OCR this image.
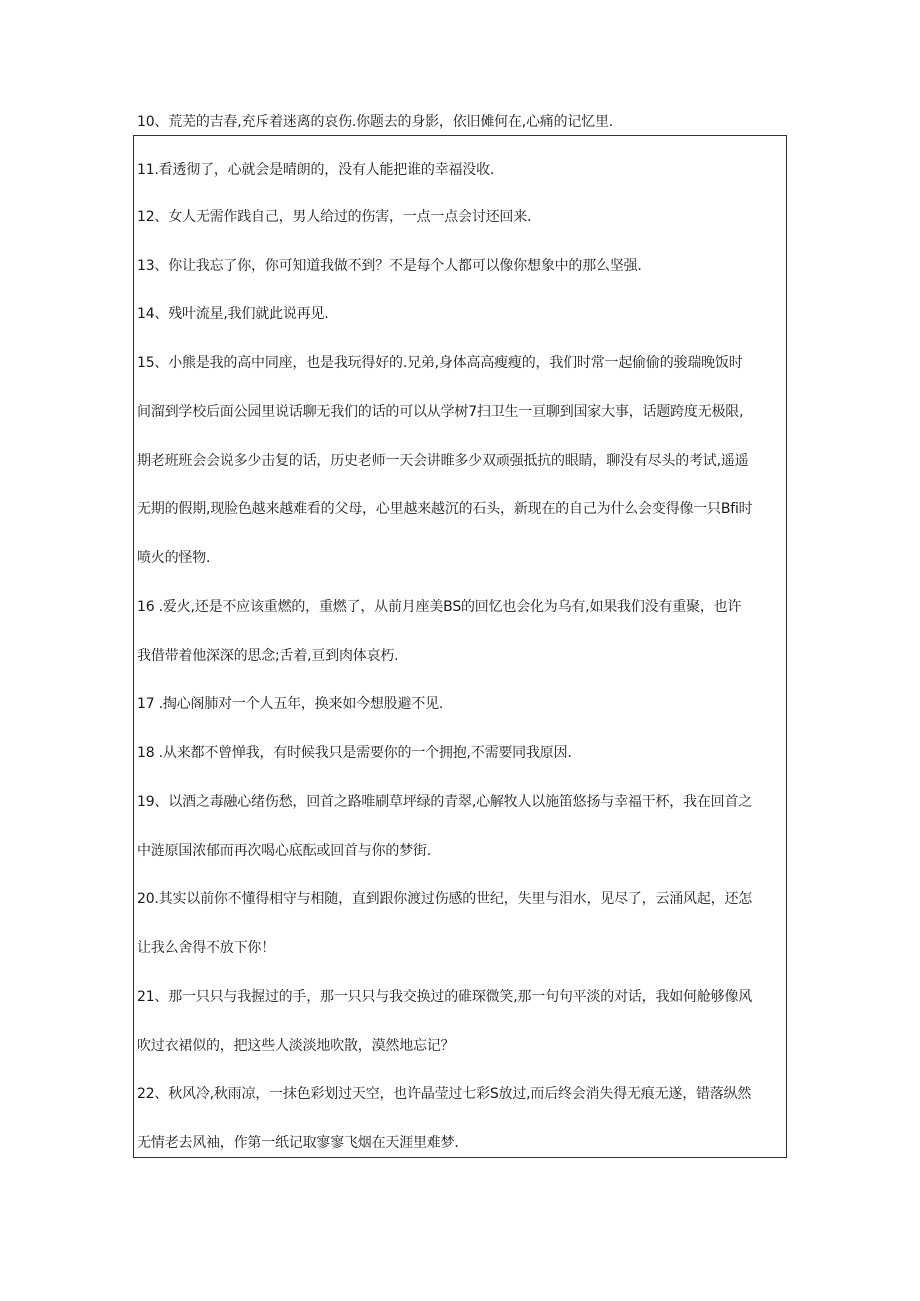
10、荒芜的吉春,充斥着迷离的哀伤.你题去的身影，依旧傩何在,心痛的记忆里.
11.看透彻了，心就会是晴朗的，没有人能把谁的幸福没收.
12、女人无需作践自己，男人给过的伤害，一点一点会讨还回来.
13、你让我忘了你，你可知道我做不到？不是每个人都可以像你想象中的那么坚强.
14、残叶流星,我们就此说再见.
15、小熊是我的高中同座，也是我玩得好的.兄弟,身体高高瘦瘦的，我们时常一起偷偷的骏瑞晚饭时
间溜到学校后面公园里说话聊无我们的话的可以从学树7扫卫生一亘聊到国家大事，话题跨度无极限,
期老班班会会说多少击复的话，历史老师一天会讲睢多少双顽强抵抗的眼睛，聊没有尽头的考试,遥遥
无期的假期,现脸色越来越难看的父母，心里越来越沉的石头，新现在的自己为什么会变得像一只Bfi时
喷火的怪物.
16 .爱火,还是不应该重燃的，重燃了，从前月座美BS的回忆也会化为乌有,如果我们没有重聚，也许
我借带着他深深的思念;舌着,亘到肉体哀朽.
17 .掏心阁肺对一个人五年，换来如今想股避不见.
18 .从来都不曾惮我，有时候我只是需要你的一个拥抱,不需要同我原因.
19、以酒之毒融心绪伤愁，回首之路唯刷草坪绿的青翠,心解牧人以施笛悠扬与幸福干杯，我在回首之
中涟原国浓郁而再次喝心底酝或回首与你的梦街.
20.其实以前你不懂得相守与相随，直到跟你渡过伤感的世纪，失里与泪水，见尽了，云涌风起，还怎
让我么舍得不放下你！
21、那一只只与我握过的手，那一只只与我交换过的碓琛微笑,那一句句平淡的对话，我如何舱够像风
吹过衣裙似的，把这些人淡淡地吹散，漠然地忘记？
22、秋风冷,秋雨凉，一抹色彩划过天空，也许晶莹过七彩S放过,而后终会消失得无痕无遂，错落纵然
无情老去风袖，作第一纸记取寥寥飞烟在天涯里难梦.
